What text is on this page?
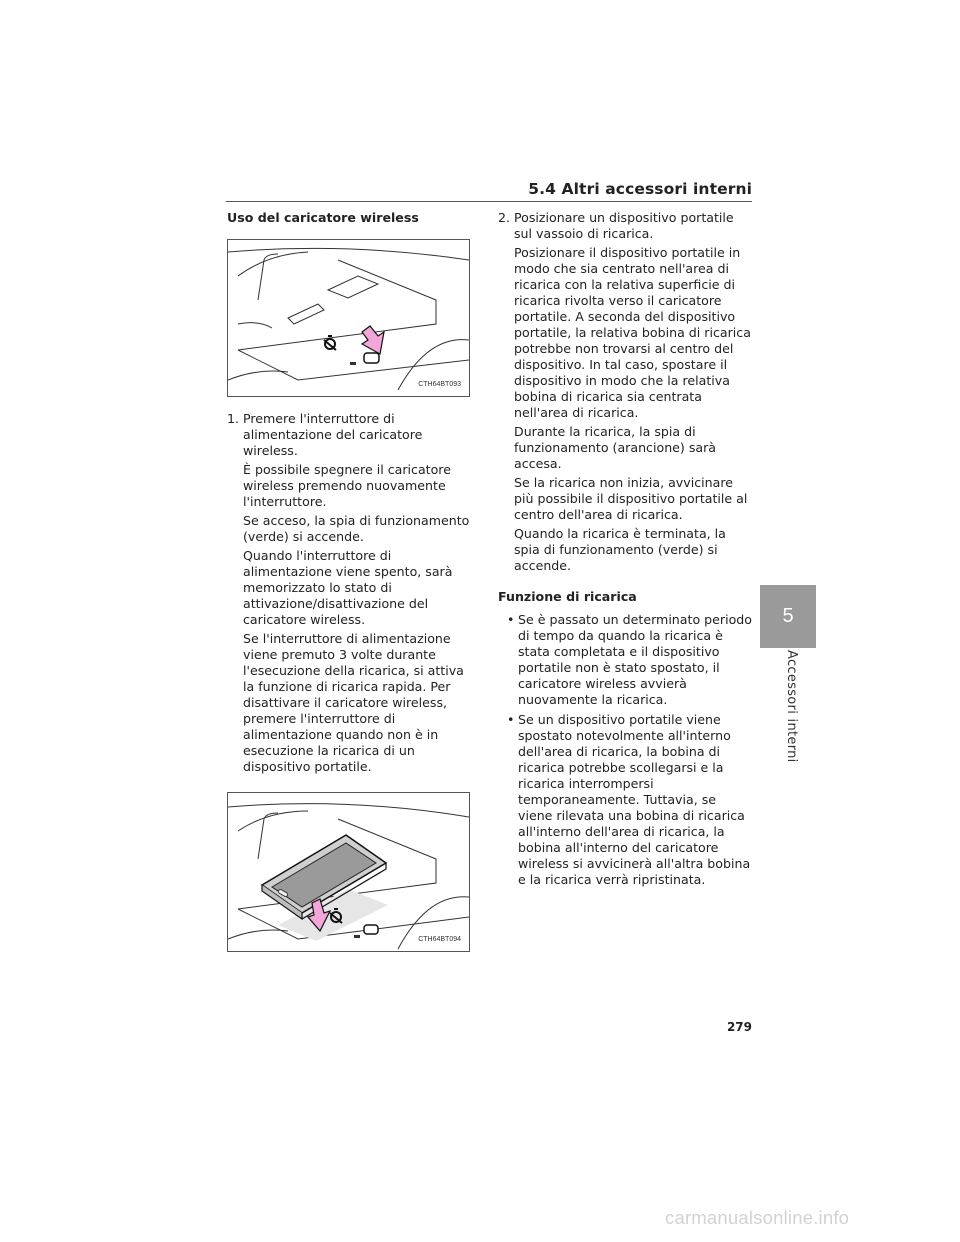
5.4 Altri accessori interni
5
Accessori interni
Uso del caricatore wireless
CTH64BT093
1. Premere l'interruttore di alimentazione del caricatore wireless.

È possibile spegnere il caricatore wireless premendo nuovamente l'interruttore.

Se acceso, la spia di funzionamento (verde) si accende.

Quando l'interruttore di alimentazione viene spento, sarà memorizzato lo stato di attivazione/disattivazione del caricatore wireless.

Se l'interruttore di alimentazione viene premuto 3 volte durante l'esecuzione della ricarica, si attiva la funzione di ricarica rapida. Per disattivare il caricatore wireless, premere l'interruttore di alimentazione quando non è in esecuzione la ricarica di un dispositivo portatile.

CTH64BT094
2. Posizionare un dispositivo portatile sul vassoio di ricarica.

Posizionare il dispositivo portatile in modo che sia centrato nell'area di ricarica con la relativa superficie di ricarica rivolta verso il caricatore portatile. A seconda del dispositivo portatile, la relativa bobina di ricarica potrebbe non trovarsi al centro del dispositivo. In tal caso, spostare il dispositivo in modo che la relativa bobina di ricarica sia centrata nell'area di ricarica.

Durante la ricarica, la spia di funzionamento (arancione) sarà accesa.

Se la ricarica non inizia, avvicinare più possibile il dispositivo portatile al centro dell'area di ricarica.

Quando la ricarica è terminata, la spia di funzionamento (verde) si accende.

Funzione di ricarica
• Se è passato un determinato periodo di tempo da quando la ricarica è stata completata e il dispositivo portatile non è stato spostato, il caricatore wireless avvierà nuovamente la ricarica.
• Se un dispositivo portatile viene spostato notevolmente all'interno dell'area di ricarica, la bobina di ricarica potrebbe scollegarsi e la ricarica interrompersi temporaneamente. Tuttavia, se viene rilevata una bobina di ricarica all'interno dell'area di ricarica, la bobina all'interno del caricatore wireless si avvicinerà all'altra bobina e la ricarica verrà ripristinata.
279
carmanualsonline.info
